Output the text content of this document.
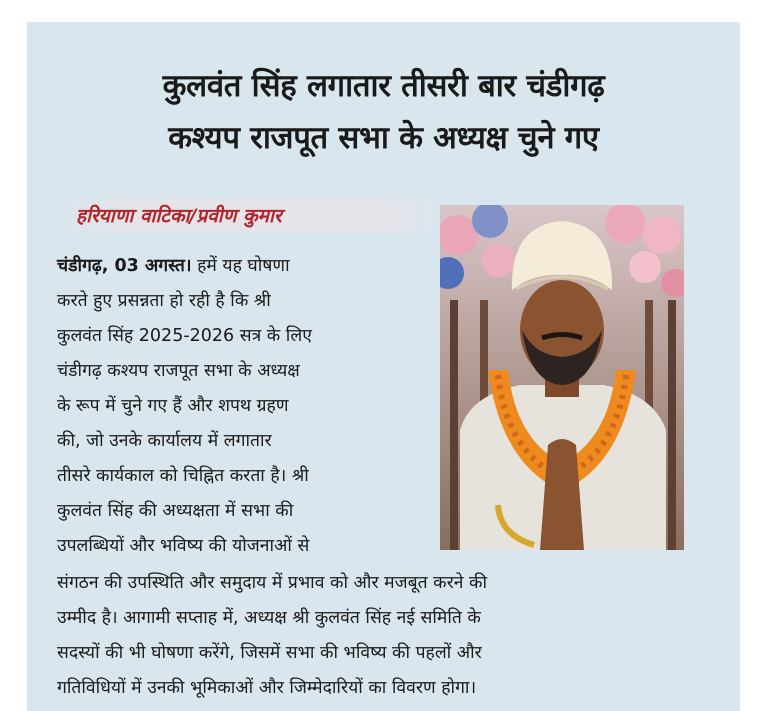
कुलवंत सिंह लगातार तीसरी बार चंडीगढ़
कश्यप राजपूत सभा के अध्यक्ष चुने गए
हरियाणा वाटिका/प्रवीण कुमार
चंडीगढ़, 03 अगस्त। हमें यह घोषणा
करते हुए प्रसन्नता हो रही है कि श्री
कुलवंत सिंह 2025-2026 सत्र के लिए
चंडीगढ़ कश्यप राजपूत सभा के अध्यक्ष
के रूप में चुने गए हैं और शपथ ग्रहण
की, जो उनके कार्यालय में लगातार
तीसरे कार्यकाल को चिह्नित करता है। श्री
कुलवंत सिंह की अध्यक्षता में सभा की
उपलब्धियों और भविष्य की योजनाओं से
संगठन की उपस्थिति और समुदाय में प्रभाव को और मजबूत करने की
उम्मीद है। आगामी सप्ताह में, अध्यक्ष श्री कुलवंत सिंह नई समिति के
सदस्यों की भी घोषणा करेंगे, जिसमें सभा की भविष्य की पहलों और
गतिविधियों में उनकी भूमिकाओं और जिम्मेदारियों का विवरण होगा।
